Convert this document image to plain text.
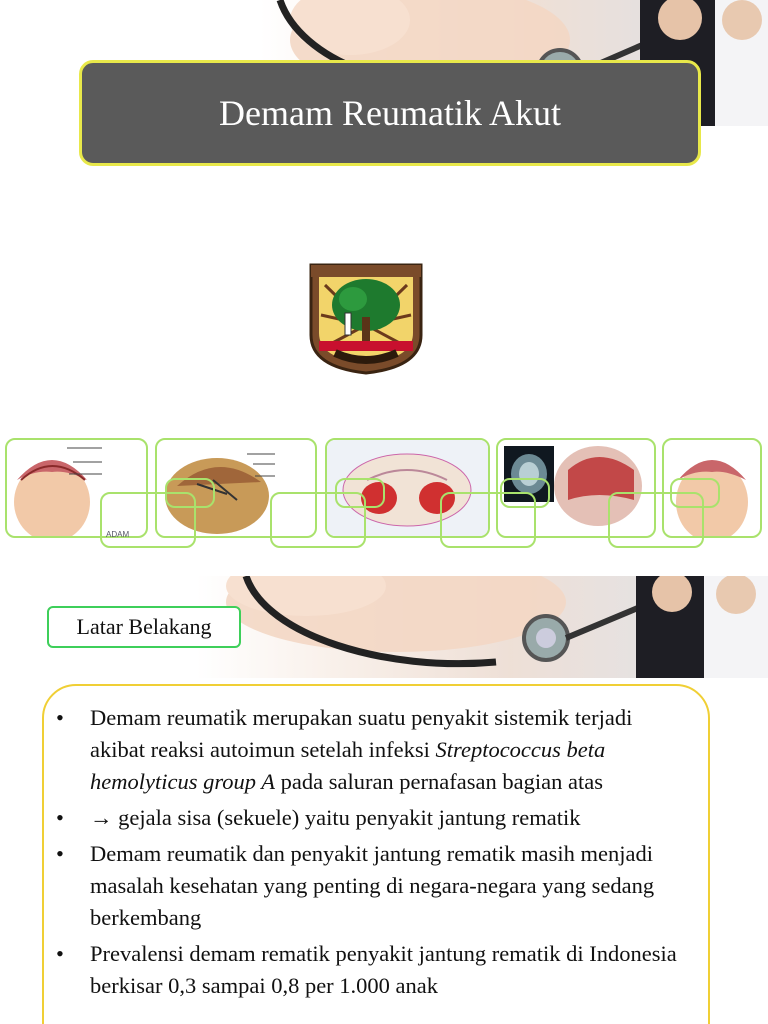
Demam Reumatik Akut
ADAM
Latar Belakang
• Demam reumatik merupakan suatu penyakit sistemik terjadi akibat reaksi autoimun setelah infeksi Streptococcus beta hemolyticus group A pada saluran pernafasan bagian atas
• → gejala sisa (sekuele) yaitu penyakit jantung rematik
• Demam reumatik dan penyakit jantung rematik masih menjadi masalah kesehatan yang penting di negara-negara yang sedang berkembang
• Prevalensi demam rematik penyakit jantung rematik di Indonesia berkisar 0,3 sampai 0,8 per 1.000 anak
